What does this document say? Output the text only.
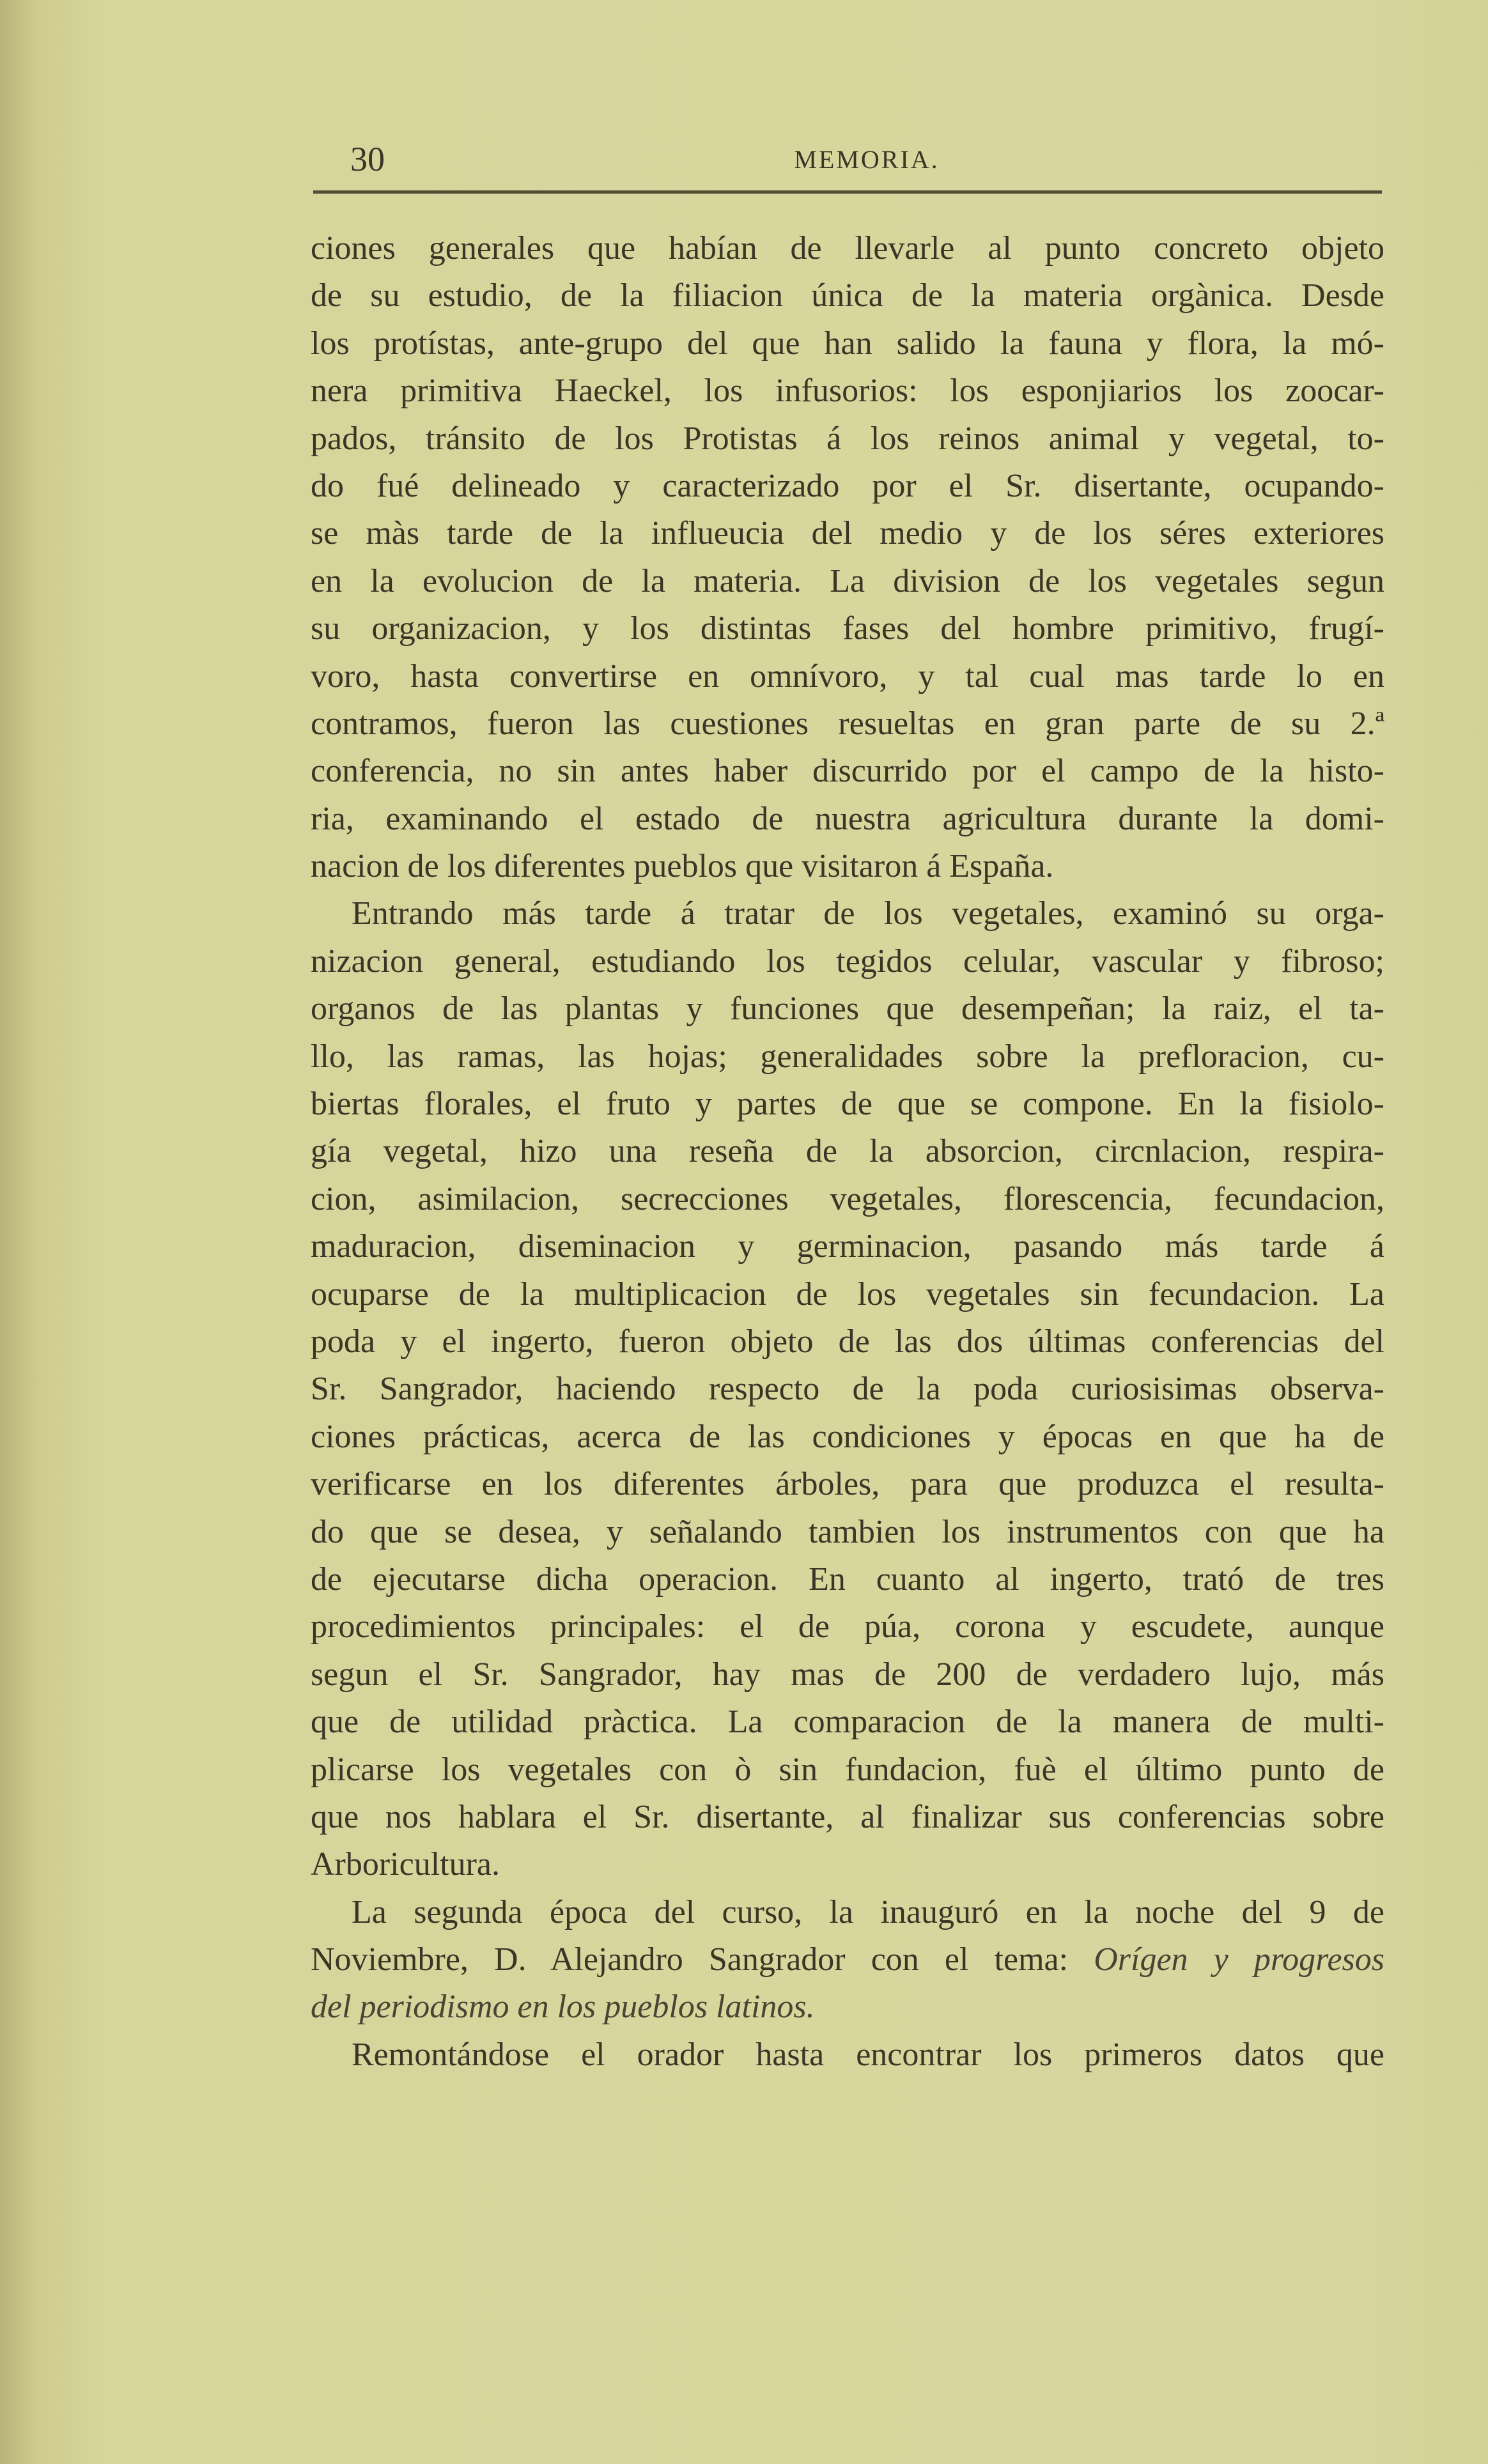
30	MEMORIA.
ciones generales que habían de llevarle al punto concreto objeto
de su estudio, de la filiacion única de la materia orgànica. Desde
los protístas, ante-grupo del que han salido la fauna y flora, la mó-
nera primitiva Haeckel, los infusorios: los esponjiarios los zoocar-
pados, tránsito de los Protistas á los reinos animal y vegetal, to-
do fué delineado y caracterizado por el Sr. disertante, ocupando-
se màs tarde de la influeucia del medio y de los séres exteriores
en la evolucion de la materia. La division de los vegetales segun
su organizacion, y los distintas fases del hombre primitivo, frugí-
voro, hasta convertirse en omnívoro, y tal cual mas tarde lo en
contramos, fueron las cuestiones resueltas en gran parte de su 2.ª
conferencia, no sin antes haber discurrido por el campo de la histo-
ria, examinando el estado de nuestra agricultura durante la domi-
nacion de los diferentes pueblos que visitaron á España.
Entrando más tarde á tratar de los vegetales, examinó su orga-
nizacion general, estudiando los tegidos celular, vascular y fibroso;
organos de las plantas y funciones que desempeñan; la raiz, el ta-
llo, las ramas, las hojas; generalidades sobre la prefloracion, cu-
biertas florales, el fruto y partes de que se compone. En la fisiolo-
gía vegetal, hizo una reseña de la absorcion, circnlacion, respira-
cion, asimilacion, secrecciones vegetales, florescencia, fecundacion,
maduracion, diseminacion y germinacion, pasando más tarde á
ocuparse de la multiplicacion de los vegetales sin fecundacion. La
poda y el ingerto, fueron objeto de las dos últimas conferencias del
Sr. Sangrador, haciendo respecto de la poda curiosisimas observa-
ciones prácticas, acerca de las condiciones y épocas en que ha de
verificarse en los diferentes árboles, para que produzca el resulta-
do que se desea, y señalando tambien los instrumentos con que ha
de ejecutarse dicha operacion. En cuanto al ingerto, trató de tres
procedimientos principales: el de púa, corona y escudete, aunque
segun el Sr. Sangrador, hay mas de 200 de verdadero lujo, más
que de utilidad pràctica. La comparacion de la manera de multi-
plicarse los vegetales con ò sin fundacion, fuè el último punto de
que nos hablara el Sr. disertante, al finalizar sus conferencias sobre
Arboricultura.
La segunda época del curso, la inauguró en la noche del 9 de
Noviembre, D. Alejandro Sangrador con el tema: Orígen y progresos
del periodismo en los pueblos latinos.
Remontándose el orador hasta encontrar los primeros datos que
